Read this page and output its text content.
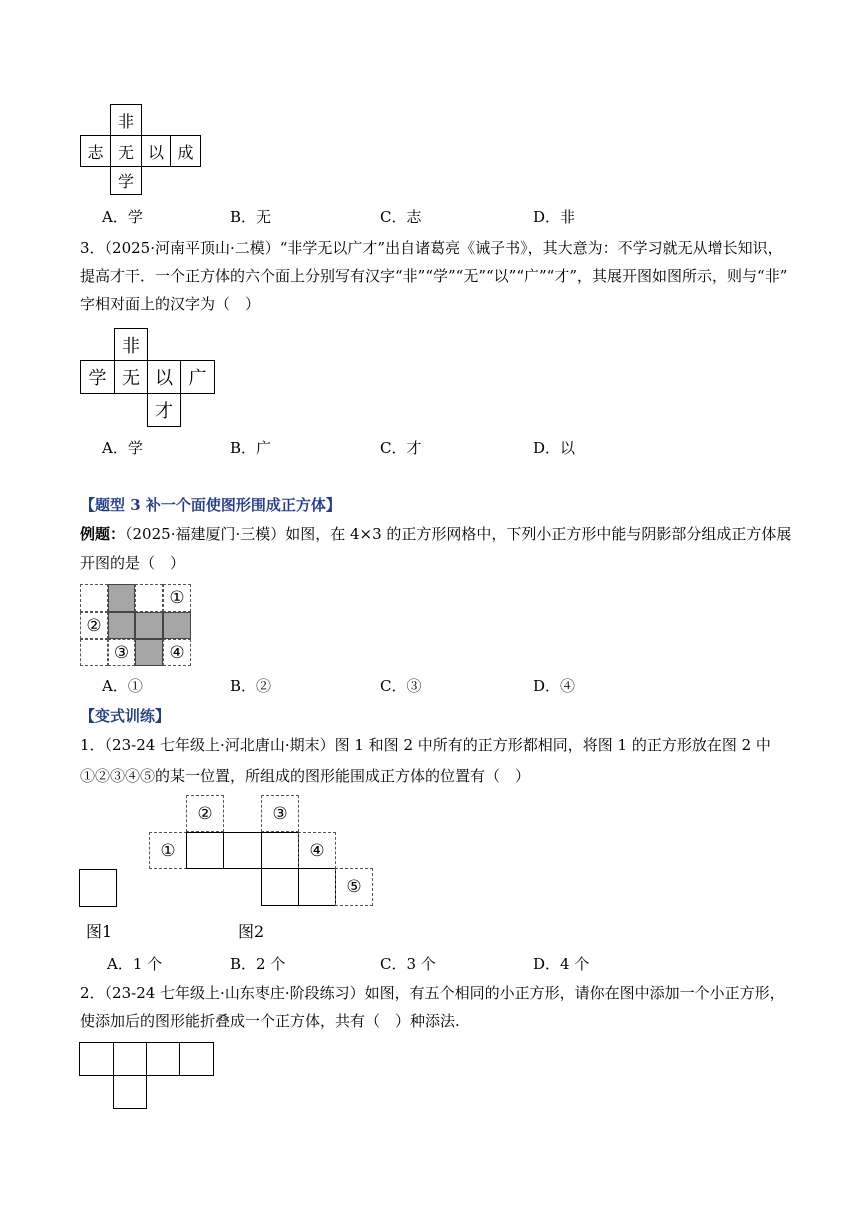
非
志 无 以 成
学
A．学	B．无	C．志	D．非
3．（2025·河南平顶山·二模）“非学无以广才”出自诸葛亮《诫子书》，其大意为：不学习就无从增长知识，
提高才干．一个正方体的六个面上分别写有汉字“非”“学”“无”“以”“广”“才”，其展开图如图所示，则与“非”
字相对面上的汉字为（　）
非
学 无 以 广
才
A．学	B．广	C．才	D．以
【题型 3 补一个面使图形围成正方体】
例题：（2025·福建厦门·三模）如图，在 4×3 的正方形网格中，下列小正方形中能与阴影部分组成正方体展
开图的是（　）
①
②
③	④
A．①	B．②	C．③	D．④
【变式训练】
1．（23-24 七年级上·河北唐山·期末）图 1 和图 2 中所有的正方形都相同，将图 1 的正方形放在图 2 中
①②③④⑤的某一位置，所组成的图形能围成正方体的位置有（　）
②	③
①	④
⑤
图1	图2
A．1 个	B．2 个	C．3 个	D．4 个
2．（23-24 七年级上·山东枣庄·阶段练习）如图，有五个相同的小正方形，请你在图中添加一个小正方形，
使添加后的图形能折叠成一个正方体，共有（　）种添法.
